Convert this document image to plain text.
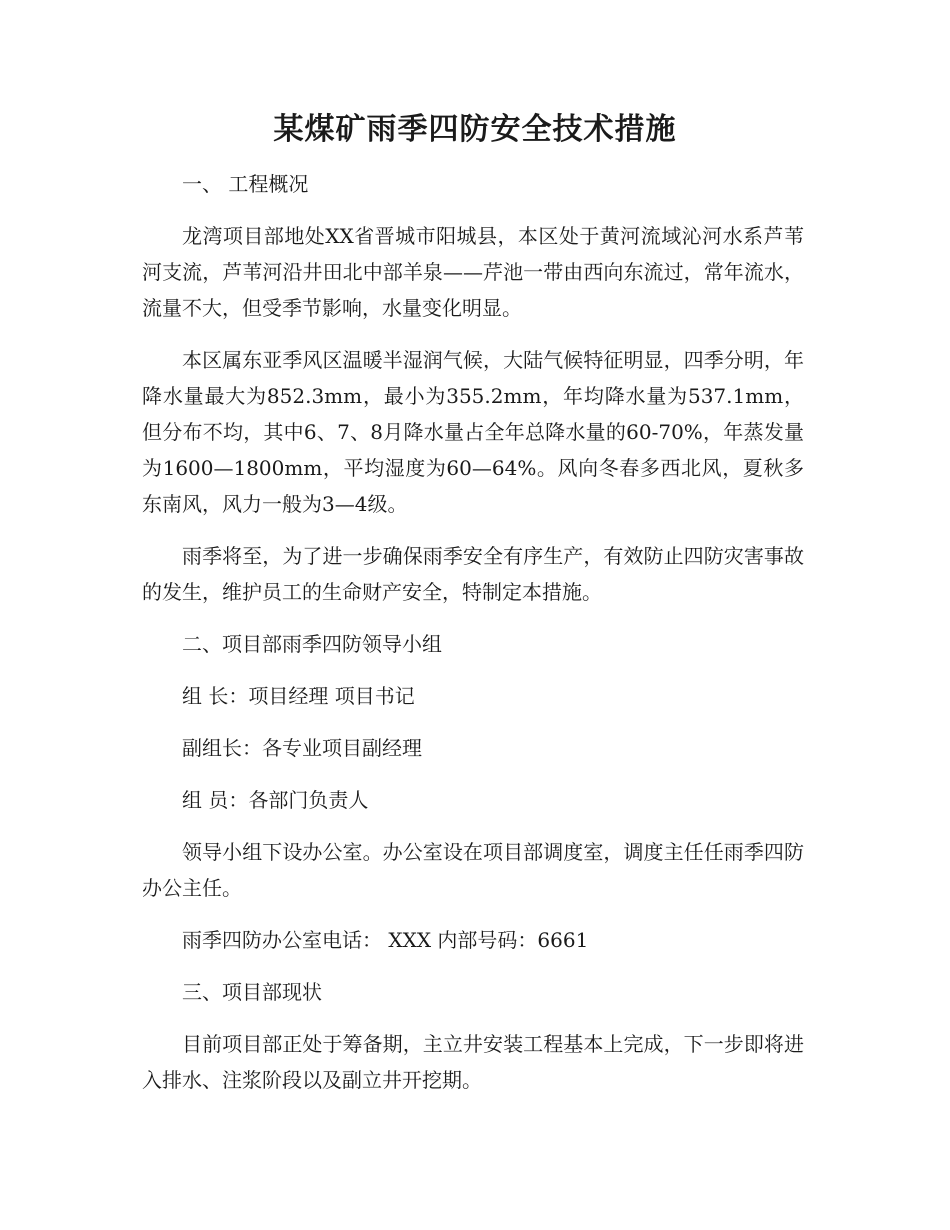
某煤矿雨季四防安全技术措施

一、 工程概况

龙湾项目部地处XX省晋城市阳城县，本区处于黄河流域沁河水系芦苇河支流，芦苇河沿井田北中部羊泉——芹池一带由西向东流过，常年流水，流量不大，但受季节影响，水量变化明显。

本区属东亚季风区温暖半湿润气候，大陆气候特征明显，四季分明，年降水量最大为852.3mm，最小为355.2mm，年均降水量为537.1mm，但分布不均，其中6、7、8月降水量占全年总降水量的60-70%，年蒸发量为1600—1800mm，平均湿度为60—64%。风向冬春多西北风，夏秋多东南风，风力一般为3—4级。

雨季将至，为了进一步确保雨季安全有序生产，有效防止四防灾害事故的发生，维护员工的生命财产安全，特制定本措施。

二、项目部雨季四防领导小组

组 长：项目经理 项目书记

副组长：各专业项目副经理

组 员：各部门负责人

领导小组下设办公室。办公室设在项目部调度室，调度主任任雨季四防办公主任。

雨季四防办公室电话： XXX 内部号码：6661

三、项目部现状

目前项目部正处于筹备期，主立井安装工程基本上完成，下一步即将进入排水、注浆阶段以及副立井开挖期。
